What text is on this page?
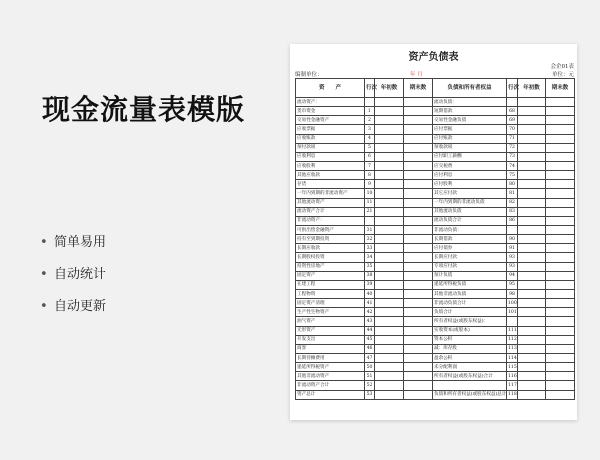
现金流量表模版
• 简单易用
• 自动统计
• 自动更新
资产负债表
会企01表
编制单位：	年 月	单位：元
资　　产	行次	年初数	期末数	负债和所有者权益	行次	年初数	期末数
流动资产：				流动负债：			
货币资金	1			短期借款	68		
交易性金融资产	2			交易性金融负债	69		
应收票据	3			应付票据	70		
应收账款	4			应付账款	71		
预付款项	5			预收款项	72		
应收利息	6			应付职工薪酬	73		
应收股利	7			应交税费	74		
其他应收款	8			应付利息	75		
存货	9			应付股利	80		
一年内到期的非流动资产	10			其它应付款	81		
其他流动资产	11			一年内到期的非流动负债	82		
流动资产合计	21			其他流动负债	83		
非流动资产：				流动负债合计	86		
可供出售金融资产	31			非流动负债：			
持有至到期投资	32			长期借款	90		
长期应收款	33			应付债券	91		
长期股权投资	34			长期应付款	93		
投资性房地产	35			专项应付款	93		
固定资产	38			预计负债	94		
在建工程	39			递延所得税负债	95		
工程物资	40			其他非流动负债	98		
固定资产清理	41			非流动负债合计	100		
生产性生物资产	42			负债合计	101		
油气资产	43			所有者权益(或股东权益)：			
无形资产	44			实收资本(或股本)	111		
开发支出	45			资本公积	112		
商誉	46			减：库存股	113		
长期待摊费用	47			盈余公积	114		
递延所得税资产	50			未分配利润	115		
其他非流动资产	51			所有者权益(或股东权益)合计	116		
非流动资产合计	52				117		
资产总计	53			负债和所有者权益(或股东权益)总计	118		
